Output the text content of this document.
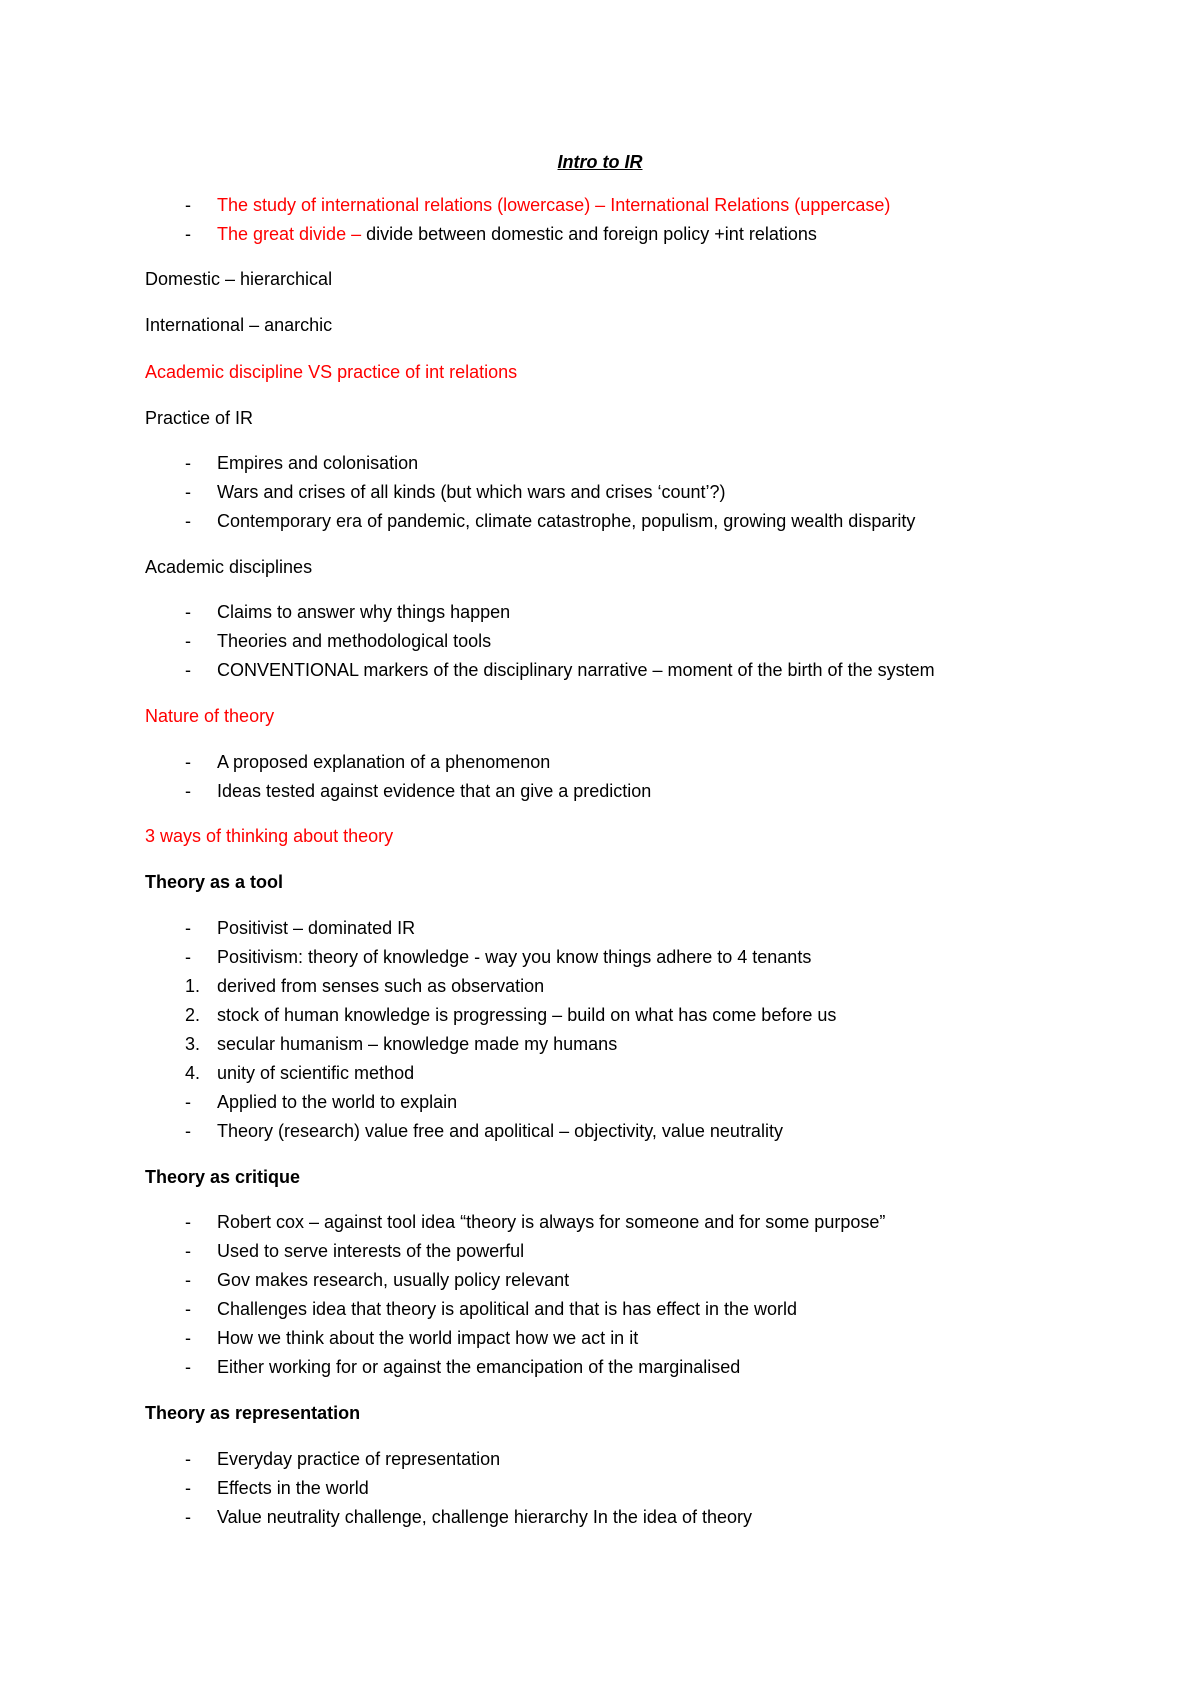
Intro to IR
- The study of international relations (lowercase) – International Relations (uppercase)
- The great divide – divide between domestic and foreign policy +int relations
Domestic – hierarchical
International – anarchic
Academic discipline VS practice of int relations
Practice of IR
- Empires and colonisation
- Wars and crises of all kinds (but which wars and crises ‘count’?)
- Contemporary era of pandemic, climate catastrophe, populism, growing wealth disparity
Academic disciplines
- Claims to answer why things happen
- Theories and methodological tools
- CONVENTIONAL markers of the disciplinary narrative – moment of the birth of the system
Nature of theory
- A proposed explanation of a phenomenon
- Ideas tested against evidence that an give a prediction
3 ways of thinking about theory
Theory as a tool
- Positivist – dominated IR
- Positivism: theory of knowledge - way you know things adhere to 4 tenants
1. derived from senses such as observation
2. stock of human knowledge is progressing – build on what has come before us
3. secular humanism – knowledge made my humans
4. unity of scientific method
- Applied to the world to explain
- Theory (research) value free and apolitical – objectivity, value neutrality
Theory as critique
- Robert cox – against tool idea “theory is always for someone and for some purpose”
- Used to serve interests of the powerful
- Gov makes research, usually policy relevant
- Challenges idea that theory is apolitical and that is has effect in the world
- How we think about the world impact how we act in it
- Either working for or against the emancipation of the marginalised
Theory as representation
- Everyday practice of representation
- Effects in the world
- Value neutrality challenge, challenge hierarchy In the idea of theory
